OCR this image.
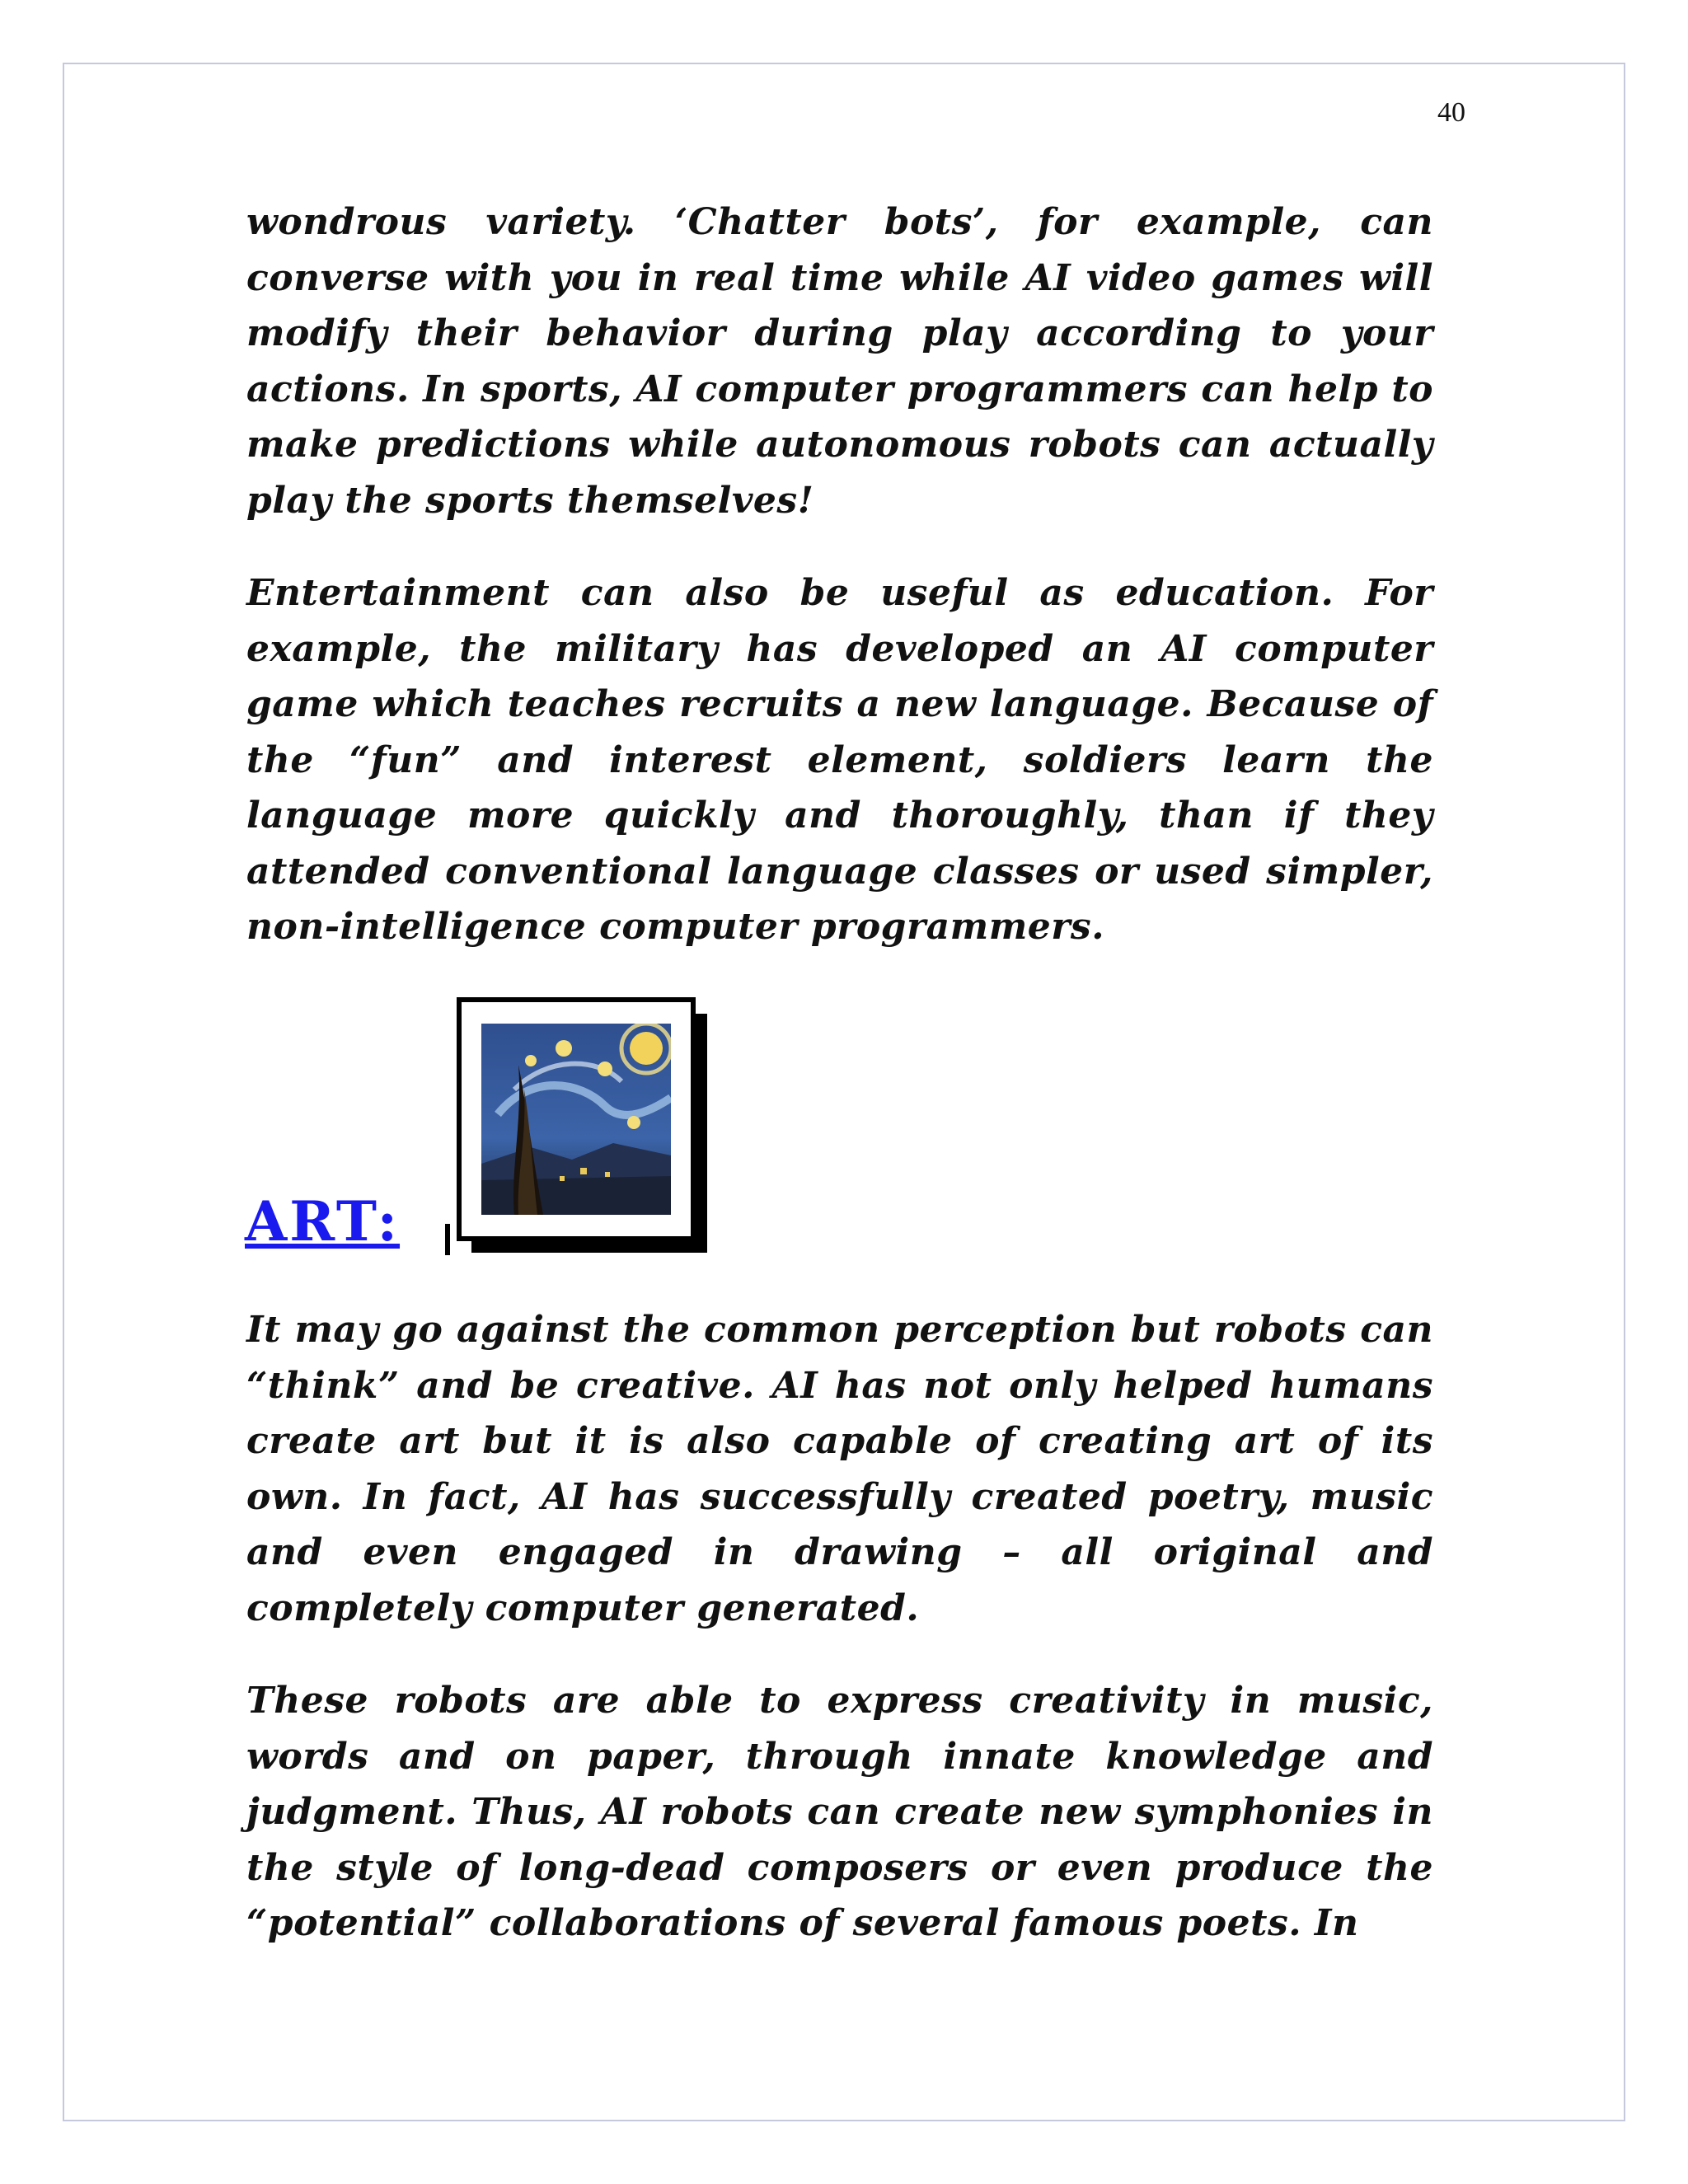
40

wondrous variety. ‘Chatter bots’, for example, can converse with you in real time while AI video games will modify their behavior during play according to your actions. In sports, AI computer programmers can help to make predictions while autonomous robots can actually play the sports themselves!

Entertainment can also be useful as education. For example, the military has developed an AI computer game which teaches recruits a new language. Because of the “fun” and interest element, soldiers learn the language more quickly and thoroughly, than if they attended conventional language classes or used simpler, non-intelligence computer programmers.

ART:

It may go against the common perception but robots can “think” and be creative. AI has not only helped humans create art but it is also capable of creating art of its own. In fact, AI has successfully created poetry, music and even engaged in drawing – all original and completely computer generated.

These robots are able to express creativity in music, words and on paper, through innate knowledge and judgment. Thus, AI robots can create new symphonies in the style of long-dead composers or even produce the “potential” collaborations of several famous poets. In
